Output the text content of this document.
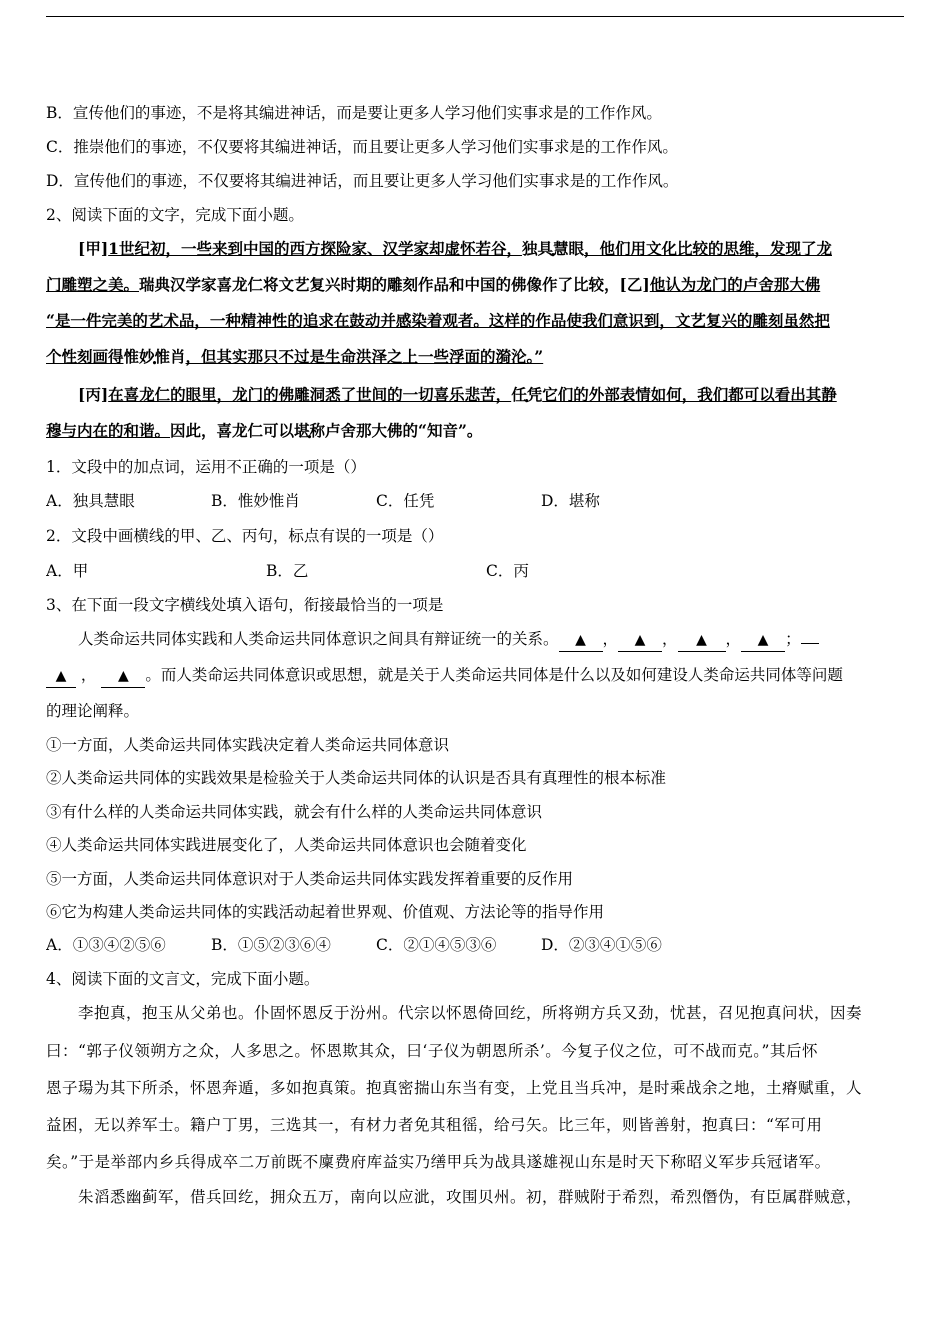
B．宣传他们的事迹，不是将其编进神话，而是要让更多人学习他们实事求是的工作作风。
C．推崇他们的事迹，不仅要将其编进神话，而且要让更多人学习他们实事求是的工作作风。
D．宣传他们的事迹，不仅要将其编进神话，而且要让更多人学习他们实事求是的工作作风。
2、阅读下面的文字，完成下面小题。
[甲]1世纪初，一些来到中国的西方探险家、汉学家却虚怀若谷，独具慧眼，他们用文化比较的思维，发现了龙
门雕塑之美。瑞典汉学家喜龙仁将文艺复兴时期的雕刻作品和中国的佛像作了比较，[乙]他认为龙门的卢舍那大佛
“是一件完美的艺术品，一种精神性的追求在鼓动并感染着观者。这样的作品使我们意识到，文艺复兴的雕刻虽然把
个性刻画得惟妙惟肖，但其实那只不过是生命洪泽之上一些浮面的漪沦。”
[丙]在喜龙仁的眼里，龙门的佛雕洞悉了世间的一切喜乐悲苦，任凭它们的外部表情如何，我们都可以看出其静
穆与内在的和谐。因此，喜龙仁可以堪称卢舍那大佛的“知音”。
1．文段中的加点词，运用不正确的一项是（）
A．独具慧眼	B．惟妙惟肖	C．任凭	D．堪称
2．文段中画横线的甲、乙、丙句，标点有误的一项是（）
A．甲	B．乙	C．丙
3、在下面一段文字横线处填入语句，衔接最恰当的一项是
人类命运共同体实践和人类命运共同体意识之间具有辩证统一的关系。 ▲ ， ▲ ， ▲ ， ▲ ；
▲ ， ▲ 。而人类命运共同体意识或思想，就是关于人类命运共同体是什么以及如何建设人类命运共同体等问题
的理论阐释。
①一方面，人类命运共同体实践决定着人类命运共同体意识
②人类命运共同体的实践效果是检验关于人类命运共同体的认识是否具有真理性的根本标准
③有什么样的人类命运共同体实践，就会有什么样的人类命运共同体意识
④人类命运共同体实践进展变化了，人类命运共同体意识也会随着变化
⑤一方面，人类命运共同体意识对于人类命运共同体实践发挥着重要的反作用
⑥它为构建人类命运共同体的实践活动起着世界观、价值观、方法论等的指导作用
A．①③④②⑤⑥	B．①⑤②③⑥④	C．②①④⑤③⑥	D．②③④①⑤⑥
4、阅读下面的文言文，完成下面小题。
李抱真，抱玉从父弟也。仆固怀恩反于汾州。代宗以怀恩倚回纥，所将朔方兵又劲，忧甚，召见抱真问状，因奏
曰：“郭子仪领朔方之众，人多思之。怀恩欺其众，曰‘子仪为朝恩所杀’。今复子仪之位，可不战而克。”其后怀
恩子瑒为其下所杀，怀恩奔遁，多如抱真策。抱真密揣山东当有变，上党且当兵冲，是时乘战余之地，土瘠赋重，人
益困，无以养军士。籍户丁男，三选其一，有材力者免其租徭，给弓矢。比三年，则皆善射，抱真曰：“军可用
矣。”于是举部内乡兵得成卒二万前既不廩费府库益实乃缮甲兵为战具遂雄视山东是时天下称昭义军步兵冠诸军。
朱滔悉幽蓟军，借兵回纥，拥众五万，南向以应泚，攻围贝州。初，群贼附于希烈，希烈僭伪，有臣属群贼意，
